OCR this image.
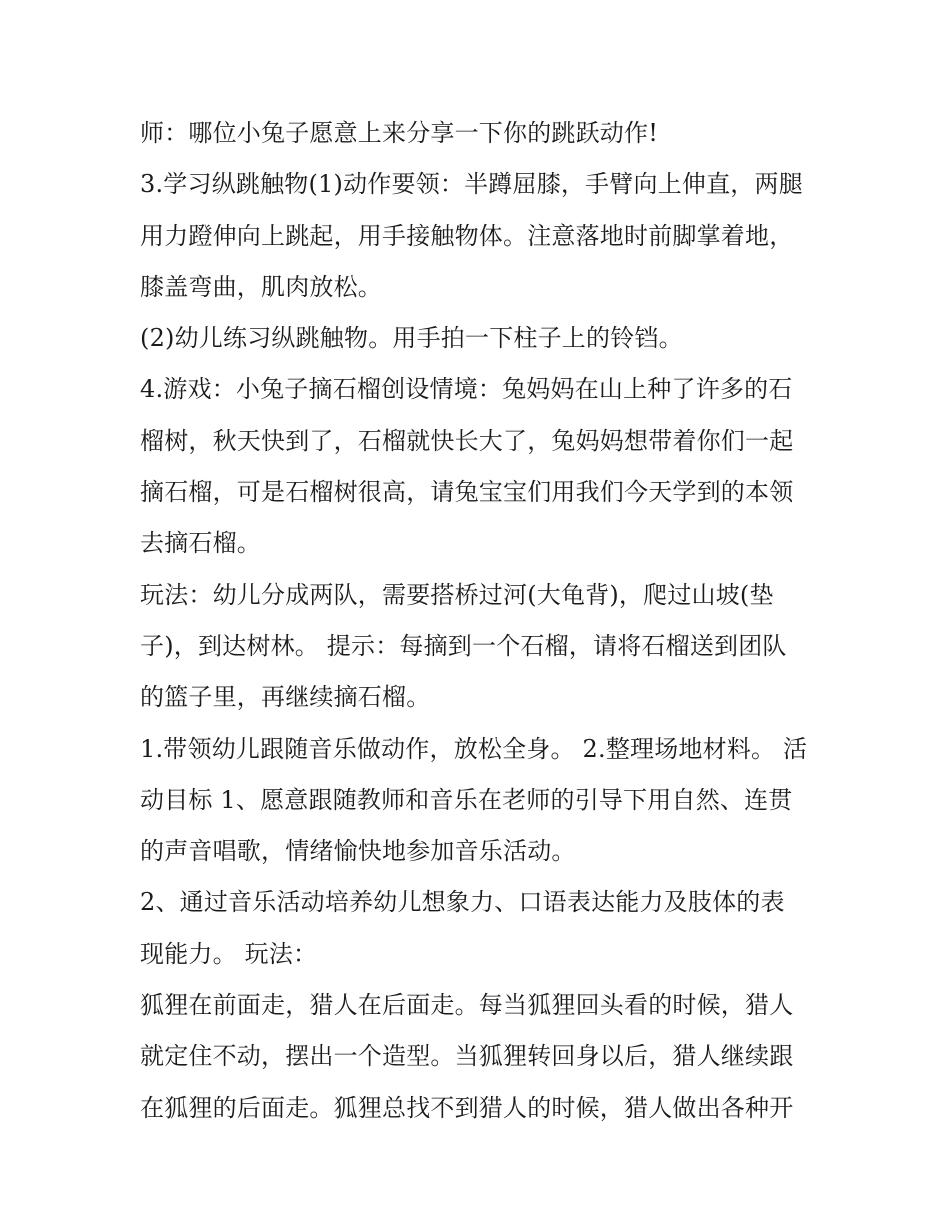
师：哪位小兔子愿意上来分享一下你的跳跃动作!
3.学习纵跳触物(1)动作要领：半蹲屈膝，手臂向上伸直，两腿
用力蹬伸向上跳起，用手接触物体。注意落地时前脚掌着地，
膝盖弯曲，肌肉放松。
(2)幼儿练习纵跳触物。用手拍一下柱子上的铃铛。
4.游戏：小兔子摘石榴创设情境：兔妈妈在山上种了许多的石
榴树，秋天快到了，石榴就快长大了，兔妈妈想带着你们一起
摘石榴，可是石榴树很高，请兔宝宝们用我们今天学到的本领
去摘石榴。
玩法：幼儿分成两队，需要搭桥过河(大龟背)，爬过山坡(垫
子)，到达树林。 提示：每摘到一个石榴，请将石榴送到团队
的篮子里，再继续摘石榴。
1.带领幼儿跟随音乐做动作，放松全身。 2.整理场地材料。 活
动目标 1、愿意跟随教师和音乐在老师的引导下用自然、连贯
的声音唱歌，情绪愉快地参加音乐活动。
2、通过音乐活动培养幼儿想象力、口语表达能力及肢体的表
现能力。 玩法：
狐狸在前面走，猎人在后面走。每当狐狸回头看的时候，猎人
就定住不动，摆出一个造型。当狐狸转回身以后，猎人继续跟
在狐狸的后面走。狐狸总找不到猎人的时候，猎人做出各种开
